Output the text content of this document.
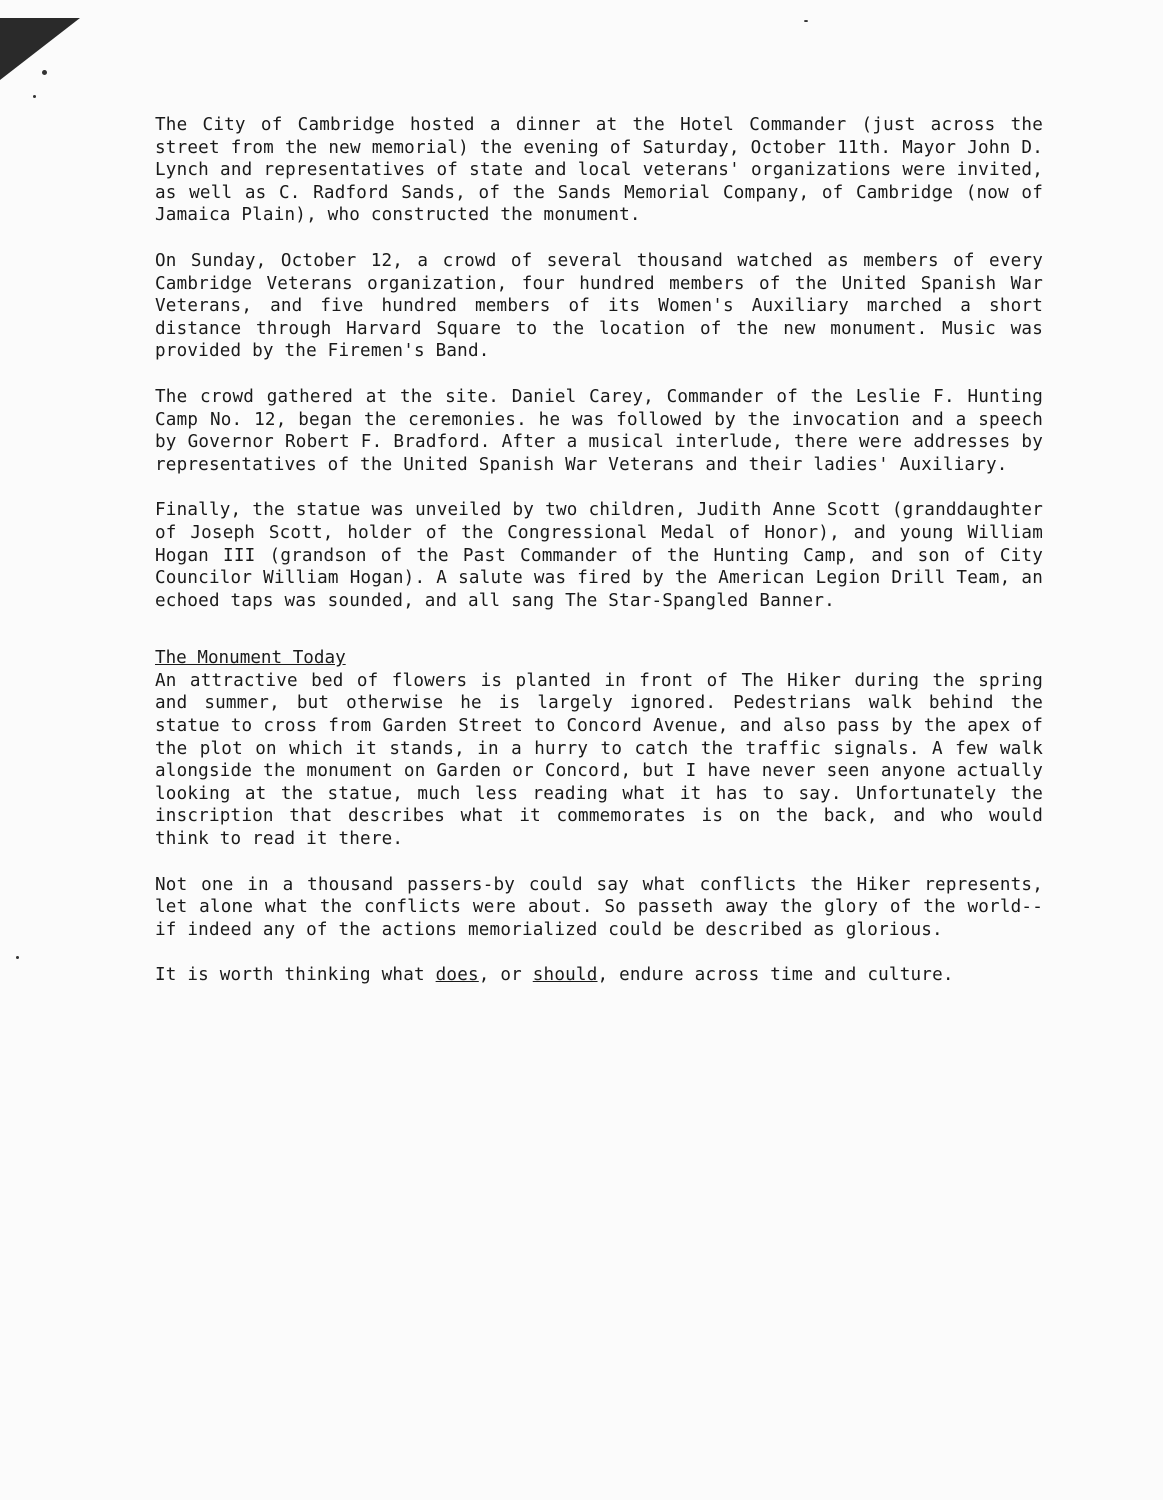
The City of Cambridge hosted a dinner at the Hotel Commander (just across the street from the new memorial) the evening of Saturday, October 11th. Mayor John D. Lynch and representatives of state and local veterans' organizations were invited, as well as C. Radford Sands, of the Sands Memorial Company, of Cambridge (now of Jamaica Plain), who constructed the monument.

On Sunday, October 12, a crowd of several thousand watched as members of every Cambridge Veterans organization, four hundred members of the United Spanish War Veterans, and five hundred members of its Women's Auxiliary marched a short distance through Harvard Square to the location of the new monument. Music was provided by the Firemen's Band.

The crowd gathered at the site. Daniel Carey, Commander of the Leslie F. Hunting Camp No. 12, began the ceremonies. he was followed by the invocation and a speech by Governor Robert F. Bradford. After a musical interlude, there were addresses by representatives of the United Spanish War Veterans and their ladies' Auxiliary.

Finally, the statue was unveiled by two children, Judith Anne Scott (granddaughter of Joseph Scott, holder of the Congressional Medal of Honor), and young William Hogan III (grandson of the Past Commander of the Hunting Camp, and son of City Councilor William Hogan). A salute was fired by the American Legion Drill Team, an echoed taps was sounded, and all sang The Star-Spangled Banner.

The Monument Today

An attractive bed of flowers is planted in front of The Hiker during the spring and summer, but otherwise he is largely ignored. Pedestrians walk behind the statue to cross from Garden Street to Concord Avenue, and also pass by the apex of the plot on which it stands, in a hurry to catch the traffic signals. A few walk alongside the monument on Garden or Concord, but I have never seen anyone actually looking at the statue, much less reading what it has to say. Unfortunately the inscription that describes what it commemorates is on the back, and who would think to read it there.

Not one in a thousand passers-by could say what conflicts the Hiker represents, let alone what the conflicts were about. So passeth away the glory of the world--if indeed any of the actions memorialized could be described as glorious.

It is worth thinking what does, or should, endure across time and culture.
